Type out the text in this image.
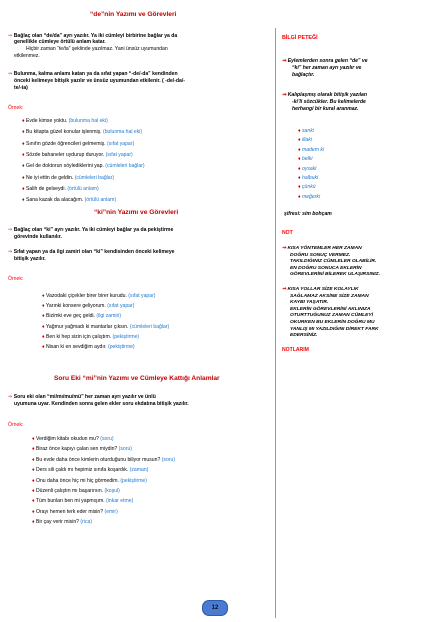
“de”nin Yazımı ve Görevleri
⇒ Bağlaç olan “de/da” ayrı yazılır. Ya iki cümleyi birbirine bağlar ya da
genellikle cümleye örtülü anlam katar.
Hiçbir zaman “te/ta” şeklinde yazılmaz. Yani ünsüz uyumundan
etkilenmez.
⇒ Bulunma, kalma anlamı katan ya da sıfat yapan “-de/-da” kendinden
önceki kelimeye bitişik yazılır ve ünsüz uyumundan etkilenir. ( -de/-da/-
te/-ta)
Örnek:
♦ Evde kimse yoktu. (bulunma hal eki)
♦ Bu kitapta güzel konular işlenmiş. (bulunma hal eki)
♦ Sınıfın gözde öğrencileri gelmemiş. (sıfat yapar)
♦ Sözde bahaneler uydurup duruyor. (sıfat yapar)
♦ Gel de doktorun söylediklerini yap. (cümleleri bağlar)
♦ Ne iyi ettin de geldin. (cümleleri bağlar)
♦ Salih de gelseydi. (örtülü anlam)
♦ Sana kazak da alacağım. (örtülü anlam)
“ki”nin Yazımı ve Görevleri
⇒ Bağlaç olan “ki” ayrı yazılır. Ya iki cümleyi bağlar ya da pekiştirme
görevinde kullanılır.
⇒ Sıfat yapan ya da ilgi zamiri olan “ki” kendisinden önceki kelimeye
bitişik yazılır.
Örnek:
♦ Vazodaki çiçekler birer birer kurudu. (sıfat yapar)
♦ Yarınki konsere geliyorum. (sıfat yapar)
♦ Bizimki eve geç geldi. (ilgi zamiri)
♦ Yağmur yağmadı ki mantarlar çıksın. (cümleleri bağlar)
♦ Ben ki hep sizin için çalıştım. (pekiştirme)
♦ Nisan ki en sevdiğim aydır. (pekiştirme)
Soru Eki “mi”nin Yazımı ve Cümleye Kattığı Anlamlar
⇒ Soru eki olan “mi/mı/mu/mü” her zaman ayrı yazılır ve ünlü
uyumuna uyar. Kendinden sonra gelen ekler soru ekdatına bitişik yazılır.
Örnek:
♦ Verdiğim kitabı okudun mu? (soru)
♦ Biraz önce kapıyı çalan sen miydin? (soru)
♦ Bu evde daha önce kimlerin oturduğunu biliyor musun? (soru)
♦ Ders sili çaldı mı hepimiz sınıfa koşardık. (zaman)
♦ Onu daha önce hiç mi hiç görmedim. (pekiştirme)
♦ Düzenli çalıştın mı başarırsın. (koşul)
♦ Tüm bunları ben mi yapmışım. (inkar etme)
♦ Orayı hemen terk eder misin? (emir)
♦ Bir çay verir misin? (rica)
BİLGİ PETEĞİ
⇒ Eylemlerden sonra gelen “de” ve
“ki” her zaman ayrı yazılır ve
bağlaçtır.
⇒ Kalıplaşmış olarak bitişik yazılan
-ki’li sözcükler. Bu kelimelerde
herhangi bir kural aranmaz.
♦ sanki
♦ illaki
♦ madem ki
♦ belki
♦ oysaki
♦ halbuki
♦ çünkü
♦ meğerki
şifresi: sim bohçam
NOT
⇒ KISA YÖNTEMLER HER ZAMAN
DOĞRU SONUÇ VERMEZ.
TAKILDIĞINIZ CÜMLELER OLABİLİR.
EN DOĞRU SONUCA EKLERİN
GÖREVLERİNİ BİLEREK ULAŞIRSINIZ.
⇒ KISA YOLLAR SİZE KOLAYLIK
SAĞLAMAZ AKSİNE SİZE ZAMAN
KAYBI YAŞATIR.
EKLERİN GÖREVLERİNİ AKLINIZA
OTURTTUĞUNUZ ZAMAN CÜMLEYİ
OKURKEN BU EKLERİN DOĞRU MU
YANLIŞ MI YAZILDIĞINI DİREKT FARK
EDERSİNİZ.
NOTLARIM
12
